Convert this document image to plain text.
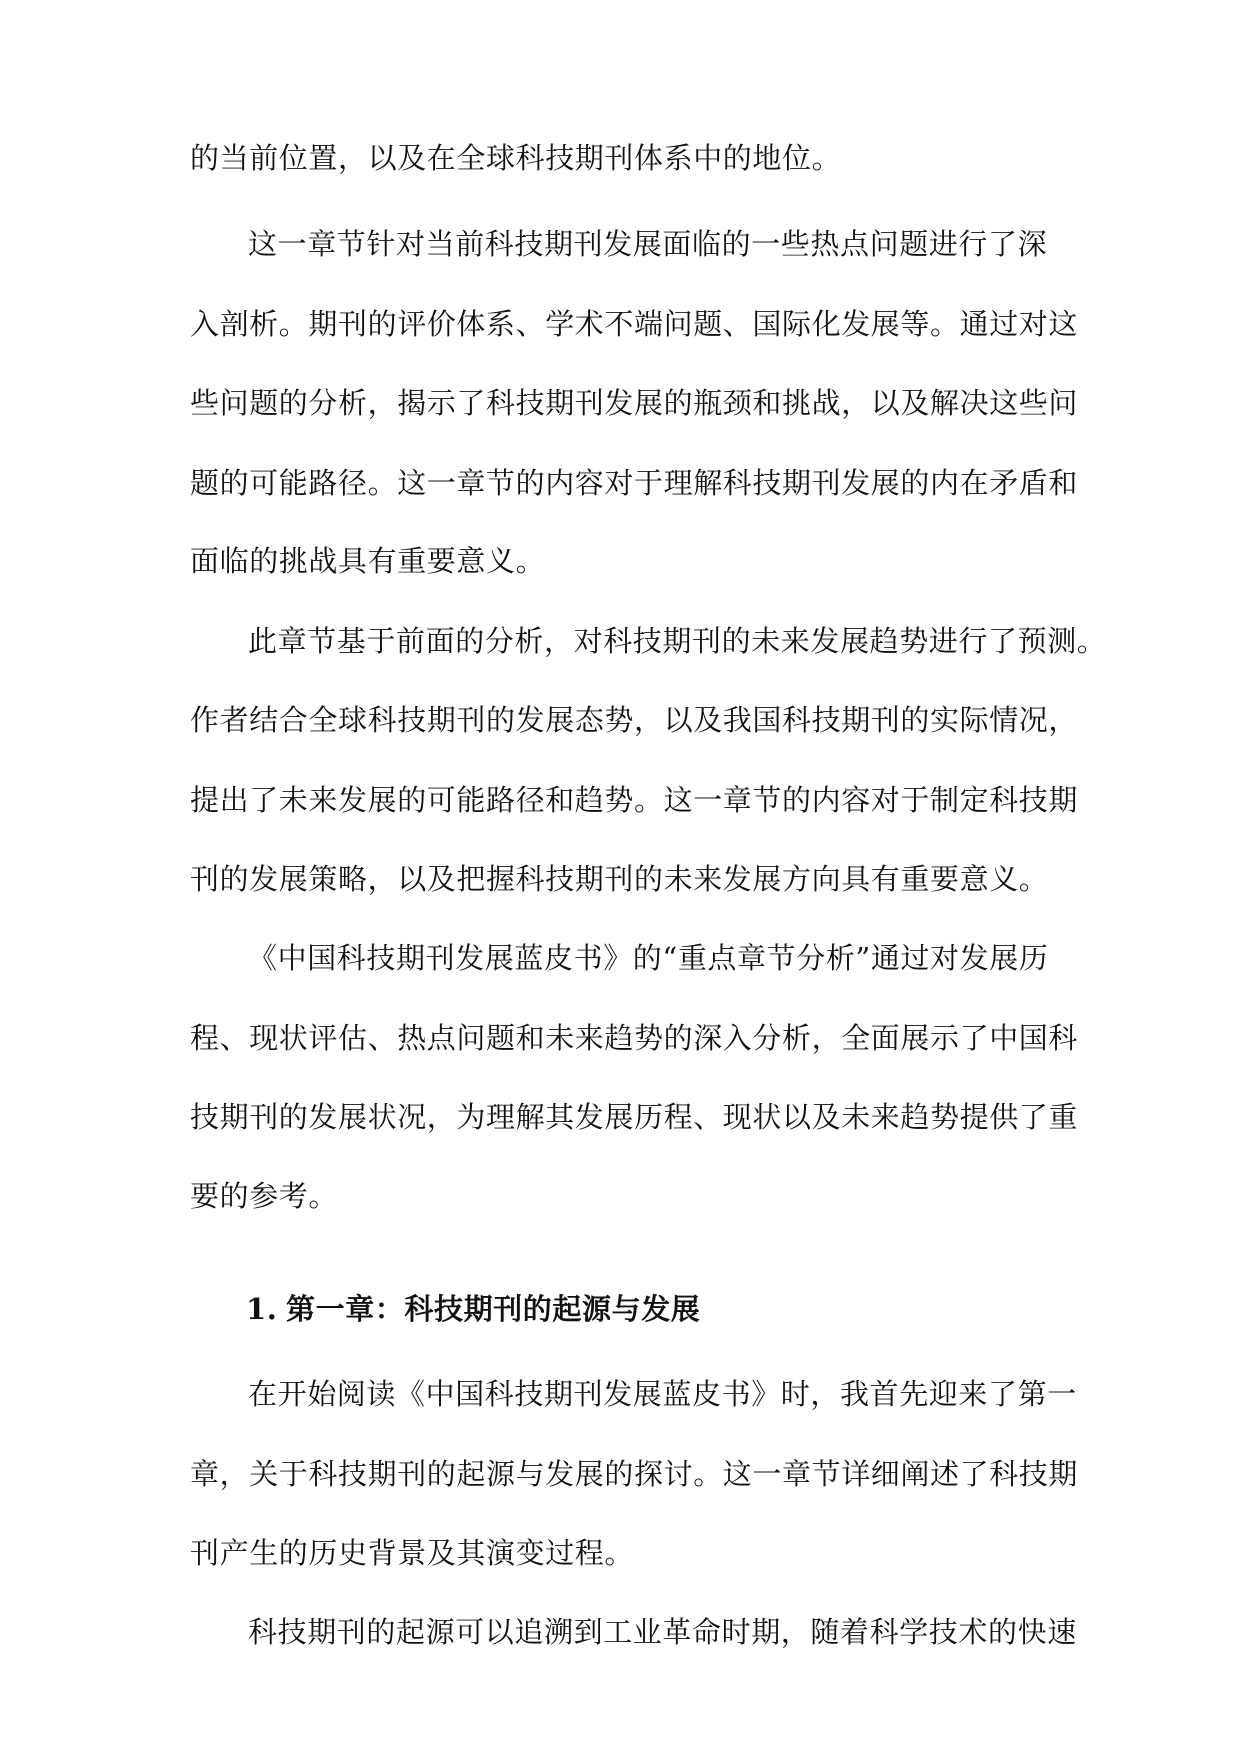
的当前位置，以及在全球科技期刊体系中的地位。
这一章节针对当前科技期刊发展面临的一些热点问题进行了深
入剖析。期刊的评价体系、学术不端问题、国际化发展等。通过对这
些问题的分析，揭示了科技期刊发展的瓶颈和挑战，以及解决这些问
题的可能路径。这一章节的内容对于理解科技期刊发展的内在矛盾和
面临的挑战具有重要意义。
此章节基于前面的分析，对科技期刊的未来发展趋势进行了预测。
作者结合全球科技期刊的发展态势，以及我国科技期刊的实际情况，
提出了未来发展的可能路径和趋势。这一章节的内容对于制定科技期
刊的发展策略，以及把握科技期刊的未来发展方向具有重要意义。
《中国科技期刊发展蓝皮书》的“重点章节分析”通过对发展历
程、现状评估、热点问题和未来趋势的深入分析，全面展示了中国科
技期刊的发展状况，为理解其发展历程、现状以及未来趋势提供了重
要的参考。
1. 第一章：科技期刊的起源与发展
在开始阅读《中国科技期刊发展蓝皮书》时，我首先迎来了第一
章，关于科技期刊的起源与发展的探讨。这一章节详细阐述了科技期
刊产生的历史背景及其演变过程。
科技期刊的起源可以追溯到工业革命时期，随着科学技术的快速
